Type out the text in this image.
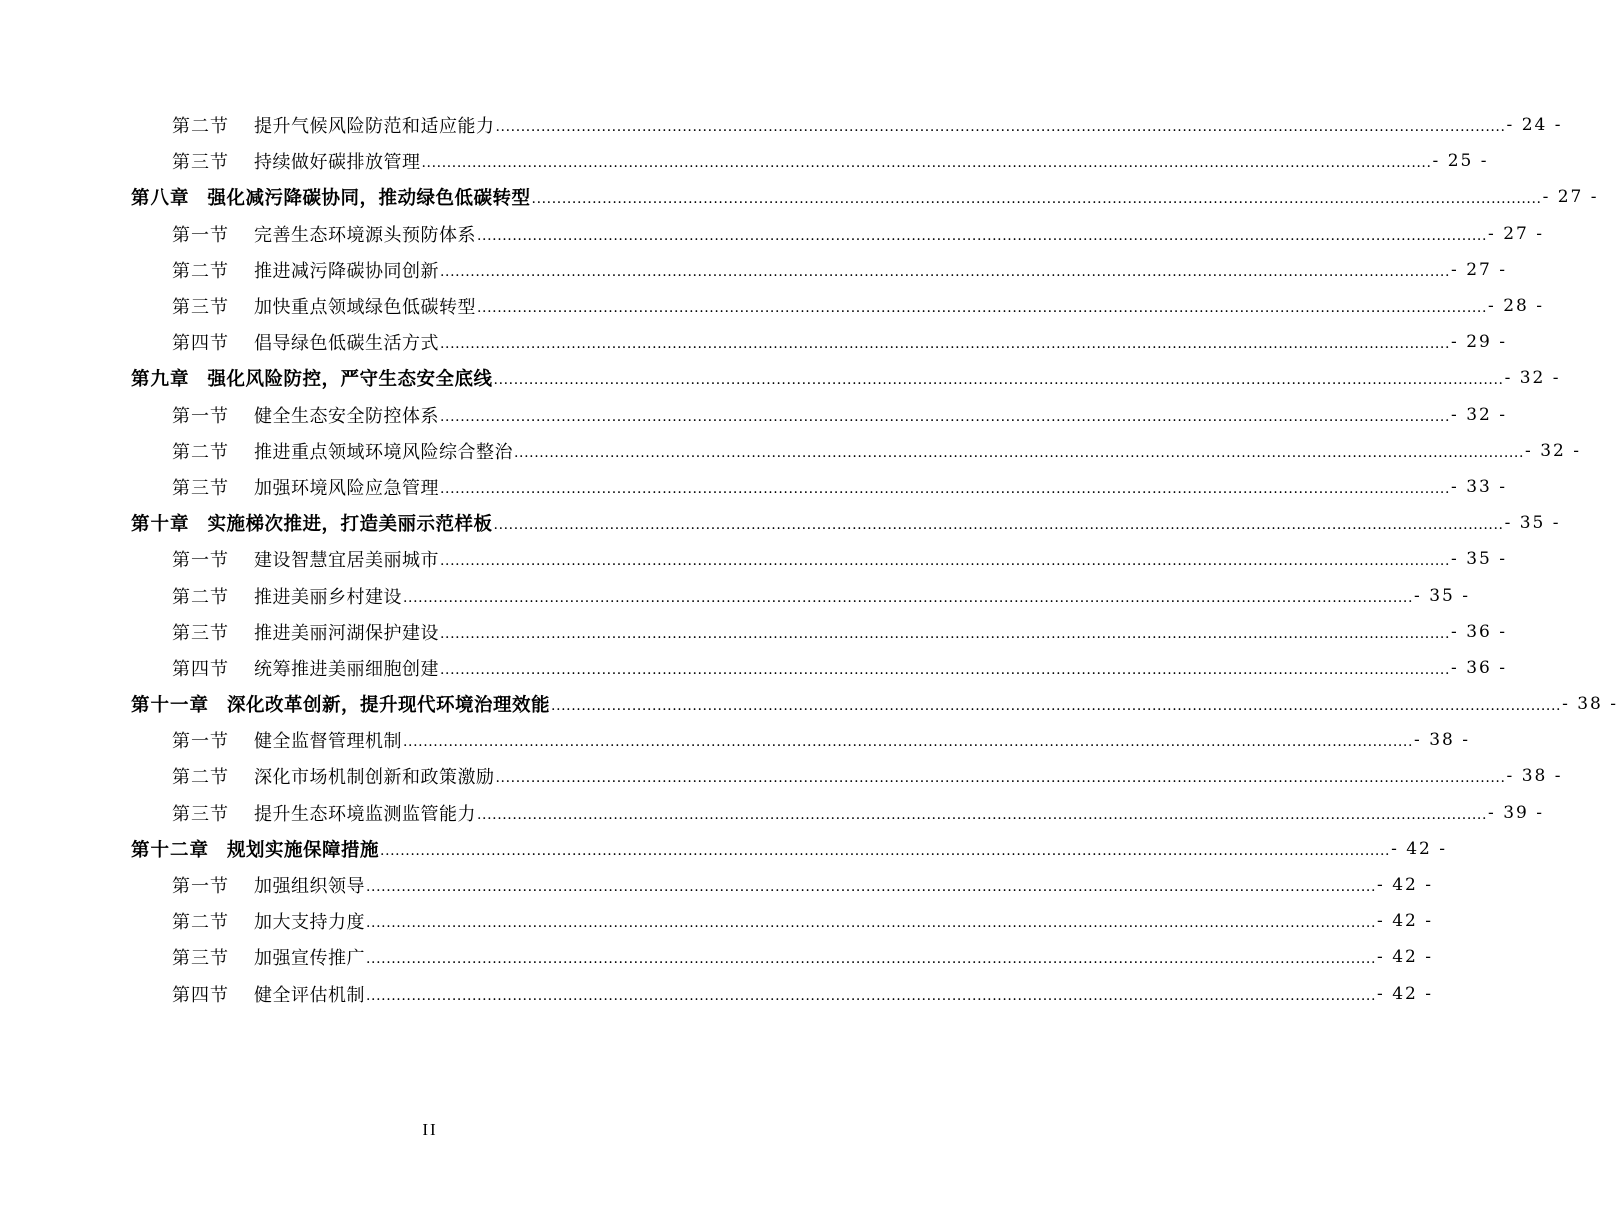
第二节	提升气候风险防范和适应能力 ........................................................................................................................................................................................................ - 24 -
第三节	持续做好碳排放管理 ........................................................................................................................................................................................................ - 25 -
第八章 强化减污降碳协同，推动绿色低碳转型 ........................................................................................................................................................................................................ - 27 -
第一节	完善生态环境源头预防体系 ........................................................................................................................................................................................................ - 27 -
第二节	推进减污降碳协同创新 ........................................................................................................................................................................................................ - 27 -
第三节	加快重点领域绿色低碳转型 ........................................................................................................................................................................................................ - 28 -
第四节	倡导绿色低碳生活方式 ........................................................................................................................................................................................................ - 29 -
第九章 强化风险防控，严守生态安全底线 ........................................................................................................................................................................................................ - 32 -
第一节	健全生态安全防控体系 ........................................................................................................................................................................................................ - 32 -
第二节	推进重点领域环境风险综合整治 ........................................................................................................................................................................................................ - 32 -
第三节	加强环境风险应急管理 ........................................................................................................................................................................................................ - 33 -
第十章 实施梯次推进，打造美丽示范样板 ........................................................................................................................................................................................................ - 35 -
第一节	建设智慧宜居美丽城市 ........................................................................................................................................................................................................ - 35 -
第二节	推进美丽乡村建设 ........................................................................................................................................................................................................ - 35 -
第三节	推进美丽河湖保护建设 ........................................................................................................................................................................................................ - 36 -
第四节	统筹推进美丽细胞创建 ........................................................................................................................................................................................................ - 36 -
第十一章 深化改革创新，提升现代环境治理效能 ........................................................................................................................................................................................................ - 38 -
第一节	健全监督管理机制 ........................................................................................................................................................................................................ - 38 -
第二节	深化市场机制创新和政策激励 ........................................................................................................................................................................................................ - 38 -
第三节	提升生态环境监测监管能力 ........................................................................................................................................................................................................ - 39 -
第十二章 规划实施保障措施 ........................................................................................................................................................................................................ - 42 -
第一节	加强组织领导 ........................................................................................................................................................................................................ - 42 -
第二节	加大支持力度 ........................................................................................................................................................................................................ - 42 -
第三节	加强宣传推广 ........................................................................................................................................................................................................ - 42 -
第四节	健全评估机制 ........................................................................................................................................................................................................ - 42 -
II
